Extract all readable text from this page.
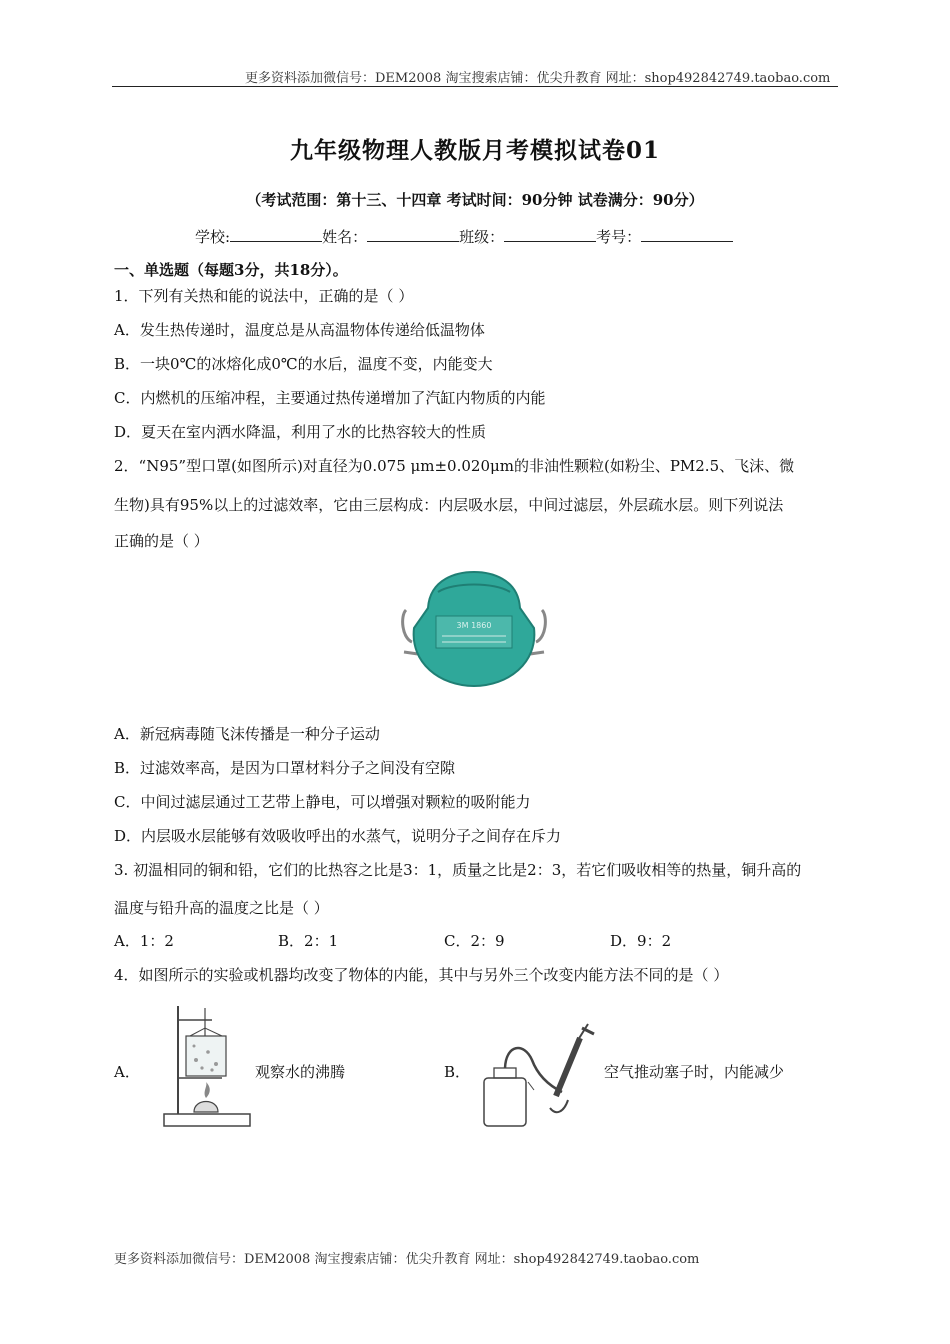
更多资料添加微信号：DEM2008 淘宝搜索店铺：优尖升教育 网址：shop492842749.taobao.com
九年级物理人教版月考模拟试卷01
（考试范围：第十三、十四章 考试时间：90分钟 试卷满分：90分）
学校:	姓名：	班级：	考号：
一、单选题（每题3分，共18分）。
1．下列有关热和能的说法中，正确的是（ ）
A．发生热传递时，温度总是从高温物体传递给低温物体
B．一块0℃的冰熔化成0℃的水后，温度不变，内能变大
C．内燃机的压缩冲程，主要通过热传递增加了汽缸内物质的内能
D．夏天在室内洒水降温，利用了水的比热容较大的性质
2．“N95”型口罩(如图所示)对直径为0.075 μm±0.020μm的非油性颗粒(如粉尘、PM2.5、飞沫、微
生物)具有95%以上的过滤效率，它由三层构成：内层吸水层，中间过滤层，外层疏水层。则下列说法
正确的是（ ）
3M 1860
A．新冠病毒随飞沫传播是一种分子运动
B．过滤效率高，是因为口罩材料分子之间没有空隙
C．中间过滤层通过工艺带上静电，可以增强对颗粒的吸附能力
D．内层吸水层能够有效吸收呼出的水蒸气，说明分子之间存在斥力
3. 初温相同的铜和铅，它们的比热容之比是3：1，质量之比是2：3，若它们吸收相等的热量，铜升高的
温度与铅升高的温度之比是（ ）
A．1：2	B．2：1	C．2：9	D．9：2
4．如图所示的实验或机器均改变了物体的内能，其中与另外三个改变内能方法不同的是（ ）
A．	观察水的沸腾	B．	空气推动塞子时，内能减少
更多资料添加微信号：DEM2008 淘宝搜索店铺：优尖升教育 网址：shop492842749.taobao.com
